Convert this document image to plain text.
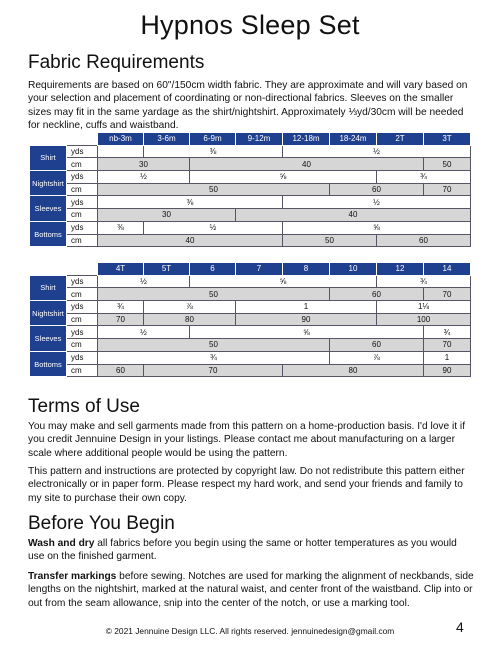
Hypnos Sleep Set
Fabric Requirements
Requirements are based on 60"/150cm width fabric. They are approximate and will vary based on your selection and placement of coordinating or non-directional fabrics. Sleeves on the smaller sizes may fit in the same yardage as the shirt/nightshirt. Approximately ⅓yd/30cm will be needed for neckline, cuffs and waistband.
		nb-3m	3-6m	6-9m	9-12m	12-18m	18-24m	2T	3T
Shirt	yds		⅜			½			
	cm	30		40					50
Nightshirt	yds	½		⅝				¾	
	cm	50					60		70
Sleeves	yds	⅜				½			
	cm	30			40				
Bottoms	yds	⅜	½			⅝			
	cm	40				50		60	
		4T	5T	6	7	8	10	12	14
Shirt	yds	½		⅝				¾	
	cm	50					60		70
Nightshirt	yds	¾	⅞		1			1⅛	
	cm	70	80		90			100	
Sleeves	yds	½		⅝					¾
	cm	50					60		70
Bottoms	yds	¾					⅞		1
	cm	60	70			80			90
Terms of Use
You may make and sell garments made from this pattern on a home-production basis. I'd love it if you credit Jennuine Design in your listings. Please contact me about manufacturing on a larger scale where additional people would be using the pattern.
This pattern and instructions are protected by copyright law. Do not redistribute this pattern either electronically or in paper form. Please respect my hard work, and send your friends and family to my site to purchase their own copy.
Before You Begin
Wash and dry all fabrics before you begin using the same or hotter temperatures as you would use on the finished garment.
Transfer markings before sewing. Notches are used for marking the alignment of neckbands, side lengths on the nightshirt, marked at the natural waist, and center front of the waistband. Clip into or out from the seam allowance, snip into the center of the notch, or use a marking tool.
© 2021 Jennuine Design LLC. All rights reserved. jennuinedesign@gmail.com	4
